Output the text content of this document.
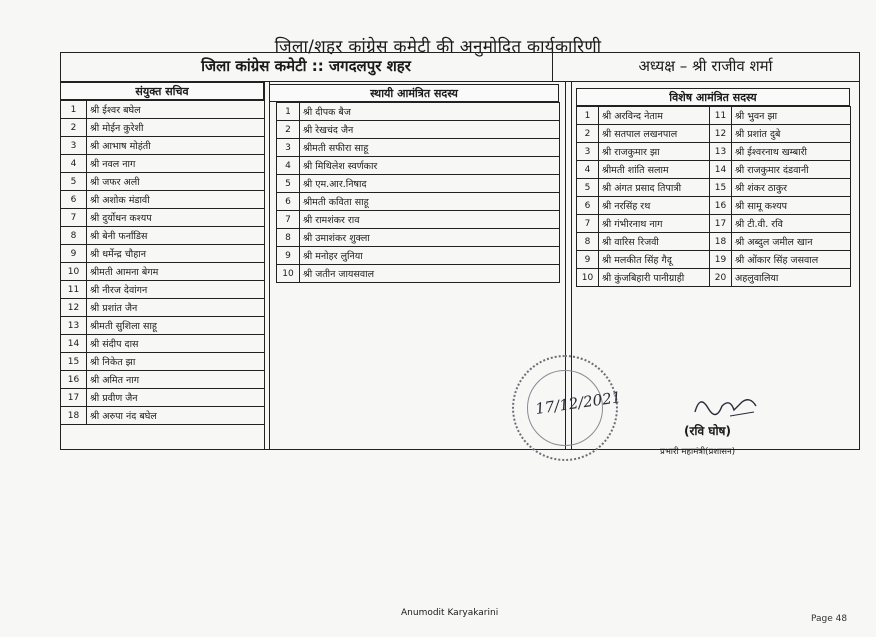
जिला/शहर कांग्रेस कमेटी की अनुमोदित कार्यकारिणी
जिला कांग्रेस कमेटी :: जगदलपुर शहर	अध्यक्ष – श्री राजीव शर्मा
संयुक्त सचिव
1	श्री ईश्वर बघेल
2	श्री मोईन कुरेशी
3	श्री आभाष मोहंती
4	श्री नवल नाग
5	श्री जफर अली
6	श्री अशोक मंडावी
7	श्री दुर्योधन कश्यप
8	श्री बेनी फर्नांडिस
9	श्री धर्मेन्द्र चौहान
10	श्रीमती आमना बेगम
11	श्री नीरज देवांगन
12	श्री प्रशांत जैन
13	श्रीमती सुशिला साहू
14	श्री संदीप दास
15	श्री निकेत झा
16	श्री अमित नाग
17	श्री प्रवीण जैन
18	श्री अरुपा नंद बघेल
स्थायी आमंत्रित सदस्य
1	श्री दीपक बैज
2	श्री रेखचंद जैन
3	श्रीमती सफीरा साहू
4	श्री मिथिलेश स्वर्णकार
5	श्री एम.आर.निषाद
6	श्रीमती कविता साहू
7	श्री रामशंकर राव
8	श्री उमाशंकर शुक्ला
9	श्री मनोहर लुनिया
10	श्री जतीन जायसवाल
विशेष आमंत्रित सदस्य
1	श्री अरविन्द नेताम	11	श्री भुवन झा
2	श्री सतपाल लखनपाल	12	श्री प्रशांत दुबे
3	श्री राजकुमार झा	13	श्री ईश्वरनाथ खम्बारी
4	श्रीमती शांति सलाम	14	श्री राजकुमार दंडवानी
5	श्री अंगत प्रसाद तिपात्री	15	श्री शंकर ठाकुर
6	श्री नरसिंह रथ	16	श्री सामू कश्यप
7	श्री गंभीरनाथ नाग	17	श्री टी.वी. रवि
8	श्री वारिस रिजवी	18	श्री अब्दुल जमील खान
9	श्री मलकीत सिंह गैदू	19	श्री ओंकार सिंह जसवाल
10	श्री कुंजबिहारी पानीग्राही	20	अहलुवालिया
17/12/2021
(रवि घोष)
प्रभारी महामंत्री(प्रशासन)
Anumodit Karyakarini
Page 48
